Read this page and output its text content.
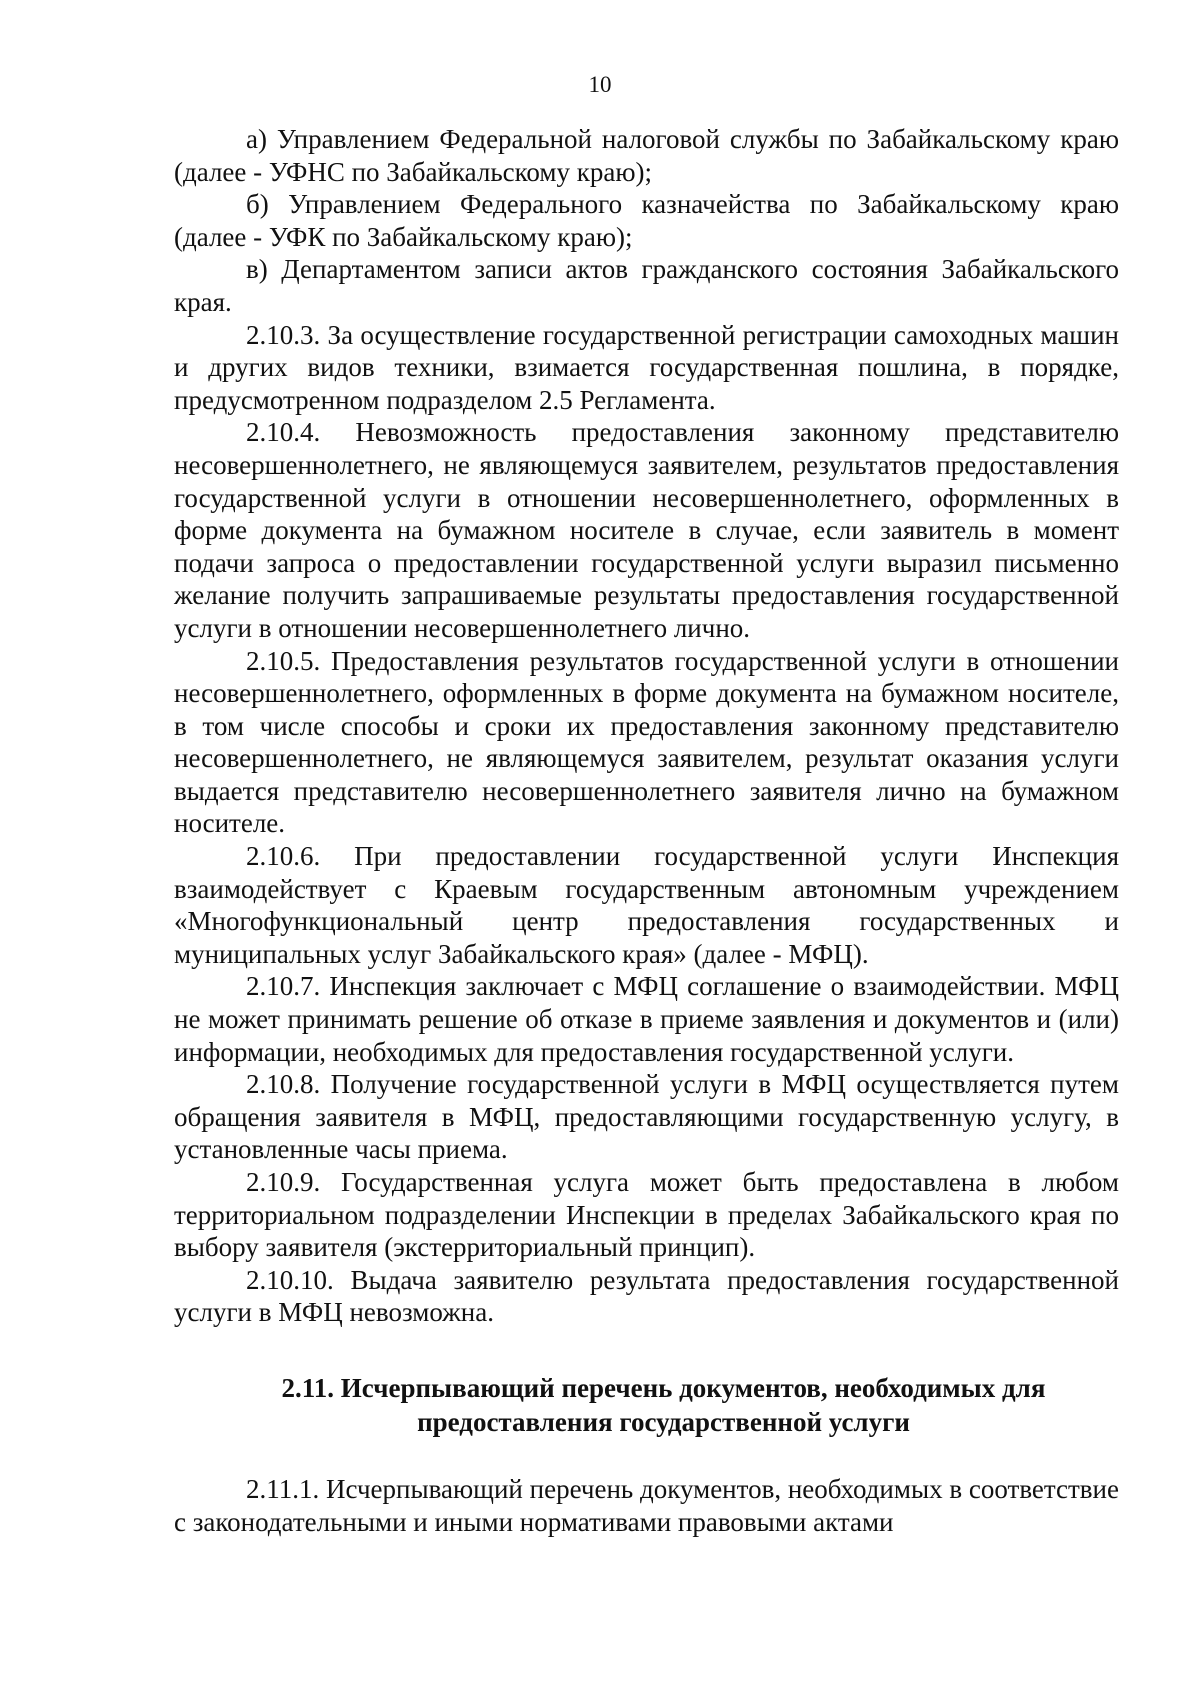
10

а) Управлением Федеральной налоговой службы по Забайкальскому краю (далее - УФНС по Забайкальскому краю);

б) Управлением Федерального казначейства по Забайкальскому краю (далее - УФК по Забайкальскому краю);

в) Департаментом записи актов гражданского состояния Забайкальского края.

2.10.3. За осуществление государственной регистрации самоходных машин и других видов техники, взимается государственная пошлина, в порядке, предусмотренном подразделом 2.5 Регламента.

2.10.4. Невозможность предоставления законному представителю несовершеннолетнего, не являющемуся заявителем, результатов предоставления государственной услуги в отношении несовершеннолетнего, оформленных в форме документа на бумажном носителе в случае, если заявитель в момент подачи запроса о предоставлении государственной услуги выразил письменно желание получить запрашиваемые результаты предоставления государственной услуги в отношении несовершеннолетнего лично.

2.10.5. Предоставления результатов государственной услуги в отношении несовершеннолетнего, оформленных в форме документа на бумажном носителе, в том числе способы и сроки их предоставления законному представителю несовершеннолетнего, не являющемуся заявителем, результат оказания услуги выдается представителю несовершеннолетнего заявителя лично на бумажном носителе.

2.10.6. При предоставлении государственной услуги Инспекция взаимодействует с Краевым государственным автономным учреждением «Многофункциональный центр предоставления государственных и муниципальных услуг Забайкальского края» (далее - МФЦ).

2.10.7. Инспекция заключает с МФЦ соглашение о взаимодействии. МФЦ не может принимать решение об отказе в приеме заявления и документов и (или) информации, необходимых для предоставления государственной услуги.

2.10.8. Получение государственной услуги в МФЦ осуществляется путем обращения заявителя в МФЦ, предоставляющими государственную услугу, в установленные часы приема.

2.10.9. Государственная услуга может быть предоставлена в любом территориальном подразделении Инспекции в пределах Забайкальского края по выбору заявителя (экстерриториальный принцип).

2.10.10. Выдача заявителю результата предоставления государственной услуги в МФЦ невозможна.

2.11. Исчерпывающий перечень документов, необходимых для
предоставления государственной услуги

2.11.1. Исчерпывающий перечень документов, необходимых в соответствие с законодательными и иными нормативами правовыми актами
